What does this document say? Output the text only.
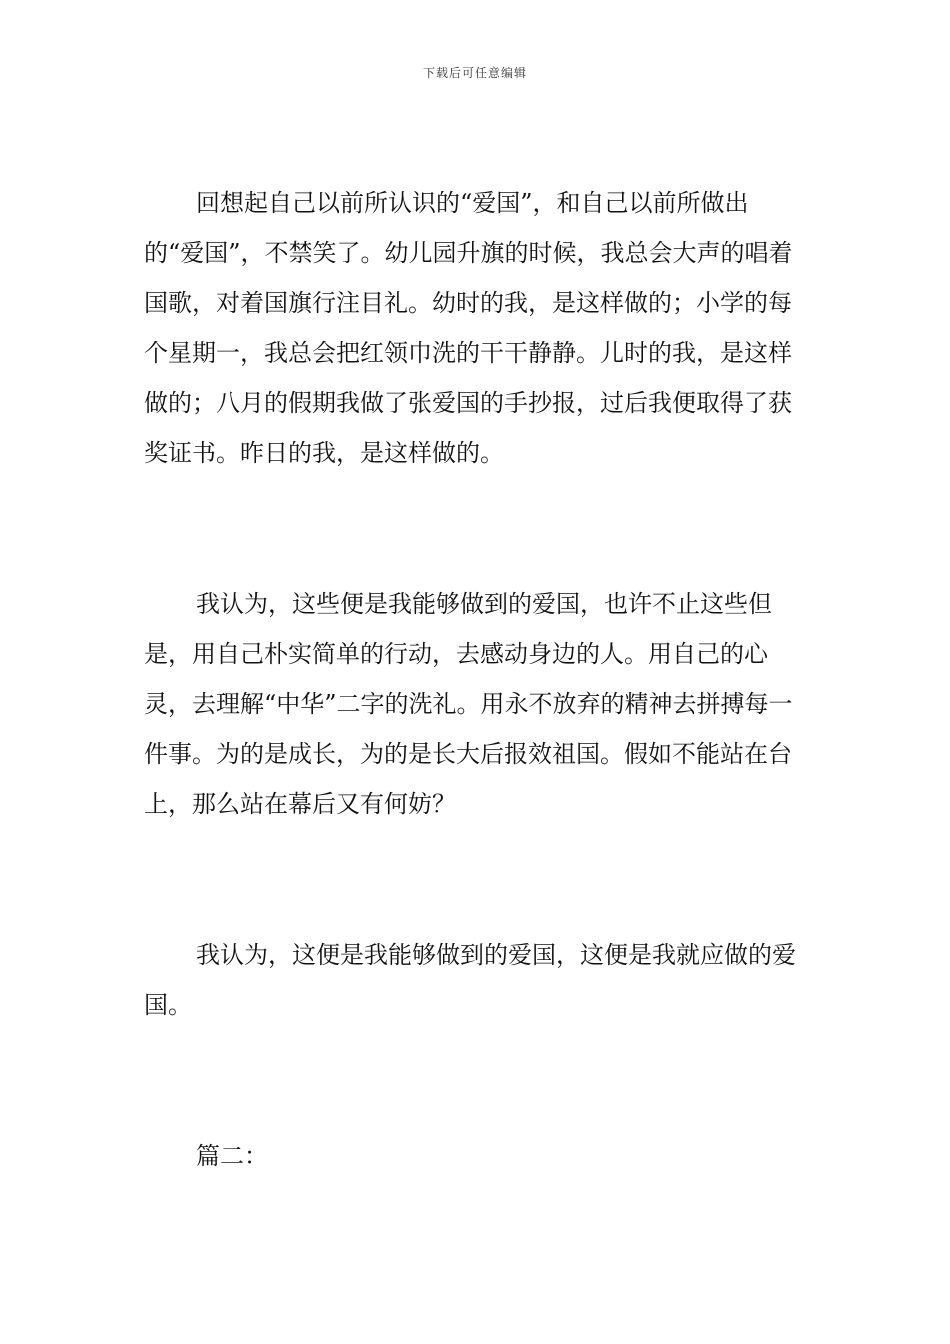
下载后可任意编辑

回想起自己以前所认识的“爱国”，和自己以前所做出的“爱国”，不禁笑了。幼儿园升旗的时候，我总会大声的唱着国歌，对着国旗行注目礼。幼时的我，是这样做的；小学的每个星期一，我总会把红领巾洗的干干静静。儿时的我，是这样做的；八月的假期我做了张爱国的手抄报，过后我便取得了获奖证书。昨日的我，是这样做的。

我认为，这些便是我能够做到的爱国，也许不止这些但是，用自己朴实简单的行动，去感动身边的人。用自己的心灵，去理解“中华”二字的洗礼。用永不放弃的精神去拼搏每一件事。为的是成长，为的是长大后报效祖国。假如不能站在台上，那么站在幕后又有何妨？

我认为，这便是我能够做到的爱国，这便是我就应做的爱国。

篇二：
